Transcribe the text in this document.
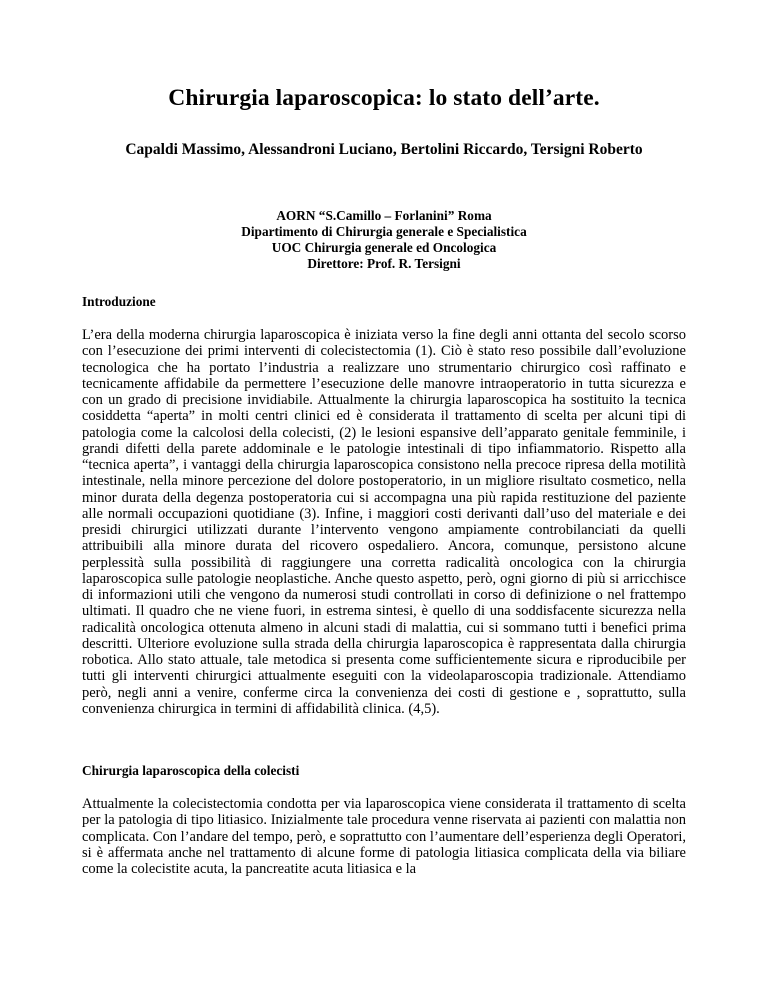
Chirurgia laparoscopica: lo stato dell’arte.
Capaldi Massimo, Alessandroni Luciano, Bertolini Riccardo, Tersigni Roberto
AORN “S.Camillo – Forlanini” Roma
Dipartimento di Chirurgia generale e Specialistica
UOC Chirurgia generale ed Oncologica
Direttore: Prof. R. Tersigni
Introduzione

L’era della moderna chirurgia laparoscopica è iniziata verso la fine degli anni ottanta del secolo scorso con l’esecuzione dei primi interventi di colecistectomia (1). Ciò è stato reso possibile dall’evoluzione tecnologica che ha portato l’industria a realizzare uno strumentario chirurgico così raffinato e tecnicamente affidabile da permettere l’esecuzione delle manovre intraoperatorio in tutta sicurezza e con un grado di precisione invidiabile. Attualmente la chirurgia laparoscopica ha sostituito la tecnica cosiddetta “aperta” in molti centri clinici ed è considerata il trattamento di scelta per alcuni tipi di patologia come la calcolosi della colecisti, (2) le lesioni espansive dell’apparato genitale femminile, i grandi difetti della parete addominale e le patologie intestinali di tipo infiammatorio. Rispetto alla “tecnica aperta”, i vantaggi della chirurgia laparoscopica consistono nella precoce ripresa della motilità intestinale, nella minore percezione del dolore postoperatorio, in un migliore risultato cosmetico, nella minor durata della degenza postoperatoria cui si accompagna una più rapida restituzione del paziente alle normali occupazioni quotidiane (3). Infine, i maggiori costi derivanti dall’uso del materiale e dei presidi chirurgici utilizzati durante l’intervento vengono ampiamente controbilanciati da quelli attribuibili alla minore durata del ricovero ospedaliero. Ancora, comunque, persistono alcune perplessità sulla possibilità di raggiungere una corretta radicalità oncologica con la chirurgia laparoscopica sulle patologie neoplastiche. Anche questo aspetto, però, ogni giorno di più si arricchisce di informazioni utili che vengono da numerosi studi controllati in corso di definizione o nel frattempo ultimati. Il quadro che ne viene fuori, in estrema sintesi, è quello di una soddisfacente sicurezza nella radicalità oncologica ottenuta almeno in alcuni stadi di malattia, cui si sommano tutti i benefici prima descritti. Ulteriore evoluzione sulla strada della chirurgia laparoscopica è rappresentata dalla chirurgia robotica. Allo stato attuale, tale metodica si presenta come sufficientemente sicura e riproducibile per tutti gli interventi chirurgici attualmente eseguiti con la videolaparoscopia tradizionale. Attendiamo però, negli anni a venire, conferme circa la convenienza dei costi di gestione e , soprattutto, sulla convenienza chirurgica in termini di affidabilità clinica. (4,5).

Chirurgia laparoscopica della colecisti

Attualmente la colecistectomia condotta per via laparoscopica viene considerata il trattamento di scelta per la patologia di tipo litiasico. Inizialmente tale procedura venne riservata ai pazienti con malattia non complicata. Con l’andare del tempo, però, e soprattutto con l’aumentare dell’esperienza degli Operatori, si è affermata anche nel trattamento di alcune forme di patologia litiasica complicata della via biliare come la colecistite acuta, la pancreatite acuta litiasica e la
